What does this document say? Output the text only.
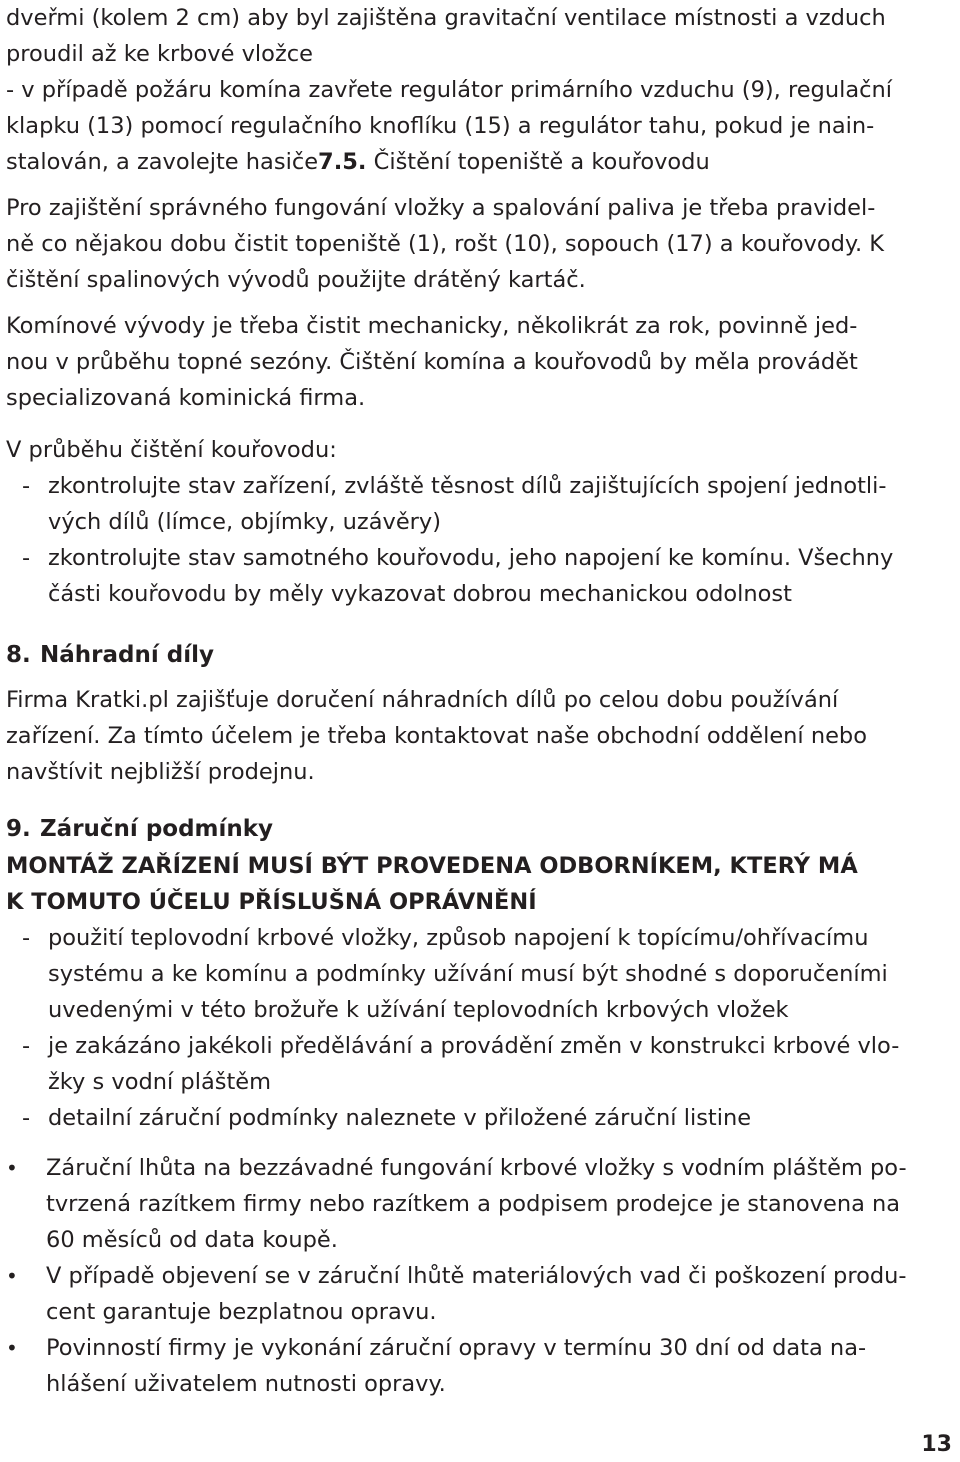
dveřmi (kolem 2 cm) aby byl zajištěna gravitační ventilace místnosti a vzduch
proudil až ke krbové vložce
- v případě požáru komína zavřete regulátor primárního vzduchu (9), regulační
klapku (13) pomocí regulačního knoflíku (15) a regulátor tahu, pokud je nain-
stalován, a zavolejte hasiče7.5. Čištění topeniště a kouřovodu
Pro zajištění správného fungování vložky a spalování paliva je třeba pravidel-
ně co nějakou dobu čistit topeniště (1), rošt (10), sopouch (17) a kouřovody. K
čištění spalinových vývodů použijte drátěný kartáč.
Komínové vývody je třeba čistit mechanicky, několikrát za rok, povinně jed-
nou v průběhu topné sezóny. Čištění komína a kouřovodů by měla provádět
specializovaná kominická firma.
V průběhu čištění kouřovodu:
- zkontrolujte stav zařízení, zvláště těsnost dílů zajištujících spojení jednotli-
vých dílů (límce, objímky, uzávěry)
- zkontrolujte stav samotného kouřovodu, jeho napojení ke komínu. Všechny
části kouřovodu by měly vykazovat dobrou mechanickou odolnost
8. Náhradní díly
Firma Kratki.pl zajišťuje doručení náhradních dílů po celou dobu používání
zařízení. Za tímto účelem je třeba kontaktovat naše obchodní oddělení nebo
navštívit nejbližší prodejnu.
9. Záruční podmínky
MONTÁŽ ZAŘÍZENÍ MUSÍ BÝT PROVEDENA ODBORNÍKEM, KTERÝ MÁ
K TOMUTO ÚČELU PŘÍSLUŠNÁ OPRÁVNĚNÍ
- použití teplovodní krbové vložky, způsob napojení k topícímu/ohřívacímu
systému a ke komínu a podmínky užívání musí být shodné s doporučeními
uvedenými v této brožuře k užívání teplovodních krbových vložek
- je zakázáno jakékoli předělávání a provádění změn v konstrukci krbové vlo-
žky s vodní pláštěm
- detailní záruční podmínky naleznete v přiložené záruční listine
•	Záruční lhůta na bezzávadné fungování krbové vložky s vodním pláštěm po-
tvrzená razítkem firmy nebo razítkem a podpisem prodejce je stanovena na
60 měsíců od data koupě.
•	V případě objevení se v záruční lhůtě materiálových vad či poškození produ-
cent garantuje bezplatnou opravu.
•	Povinností firmy je vykonání záruční opravy v termínu 30 dní od data na-
hlášení uživatelem nutnosti opravy.
13
